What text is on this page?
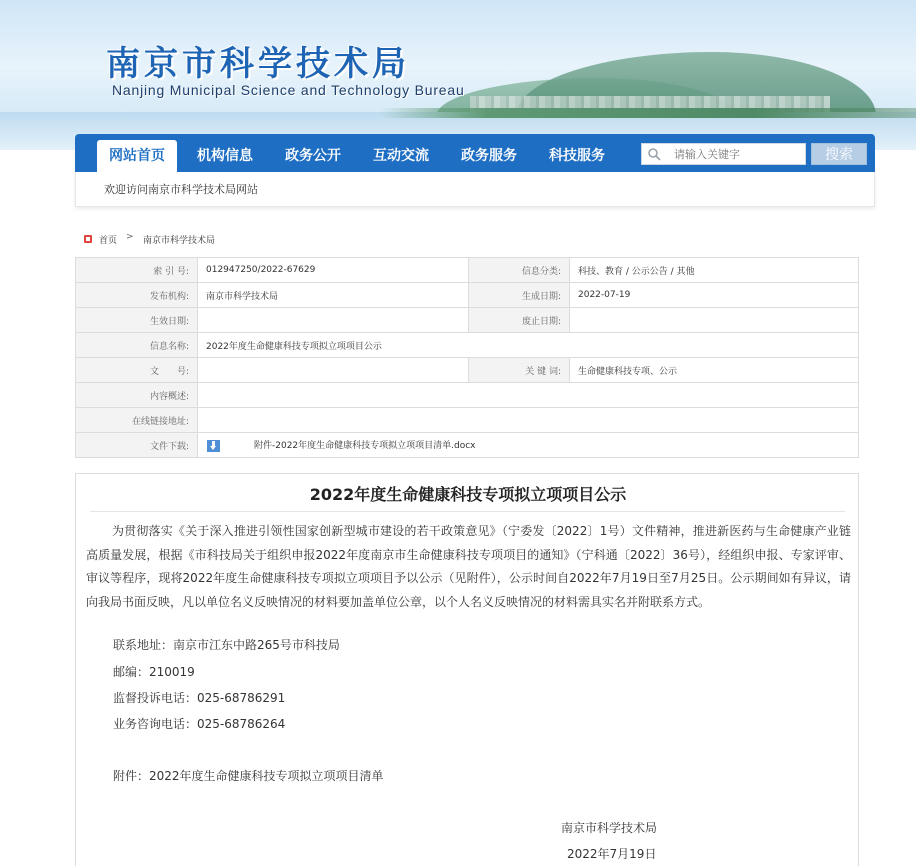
南京市科学技术局
Nanjing Municipal Science and Technology Bureau
网站首页	机构信息	政务公开	互动交流	政务服务	科技服务
请输入关键字	搜索
欢迎访问南京市科学技术局网站
首页 > 南京市科学技术局
索 引 号:	012947250/2022-67629	信息分类:	科技、教育 / 公示公告 / 其他
发布机构:	南京市科学技术局	生成日期:	2022-07-19
生效日期:		废止日期:	
信息名称:	2022年度生命健康科技专项拟立项项目公示		
文　　号:		关 键 词:	生命健康科技专项、公示
内容概述:			
在线链接地址:			
文件下载:	附件-2022年度生命健康科技专项拟立项项目清单.docx		
2022年度生命健康科技专项拟立项项目公示
为贯彻落实《关于深入推进引领性国家创新型城市建设的若干政策意见》（宁委发〔2022〕1号）文件精神，推进新医药与生命健康产业链高质量发展，根据《市科技局关于组织申报2022年度南京市生命健康科技专项项目的通知》（宁科通〔2022〕36号），经组织申报、专家评审、审议等程序，现将2022年度生命健康科技专项拟立项项目予以公示（见附件），公示时间自2022年7月19日至7月25日。公示期间如有异议，请向我局书面反映，凡以单位名义反映情况的材料要加盖单位公章，以个人名义反映情况的材料需具实名并附联系方式。
联系地址：南京市江东中路265号市科技局
邮编：210019
监督投诉电话：025-68786291
业务咨询电话：025-68786264
附件：2022年度生命健康科技专项拟立项项目清单
南京市科学技术局
2022年7月19日
